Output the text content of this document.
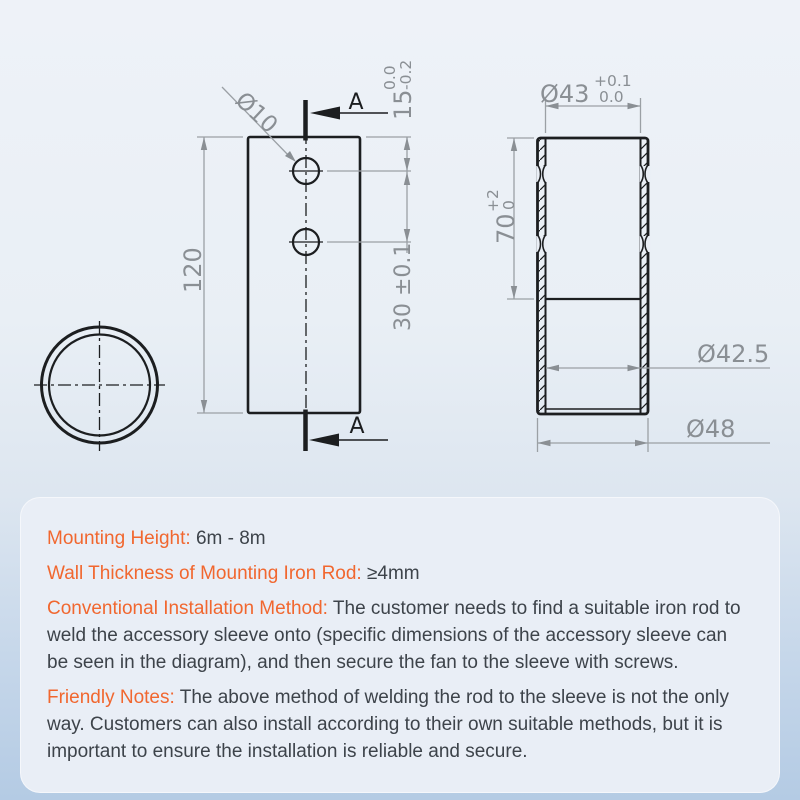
A
A
120
15
0.0
-0.2
30 ±0.1
Ø10	Ø43 +0.1
0.0
70
+2
0
Ø42.5
Ø48

Mounting Height: 6m - 8m

Wall Thickness of Mounting Iron Rod: ≥4mm

Conventional Installation Method: The customer needs to find a suitable iron rod to weld the accessory sleeve onto (specific dimensions of the accessory sleeve can be seen in the diagram), and then secure the fan to the sleeve with screws.

Friendly Notes: The above method of welding the rod to the sleeve is not the only way. Customers can also install according to their own suitable methods, but it is important to ensure the installation is reliable and secure.
